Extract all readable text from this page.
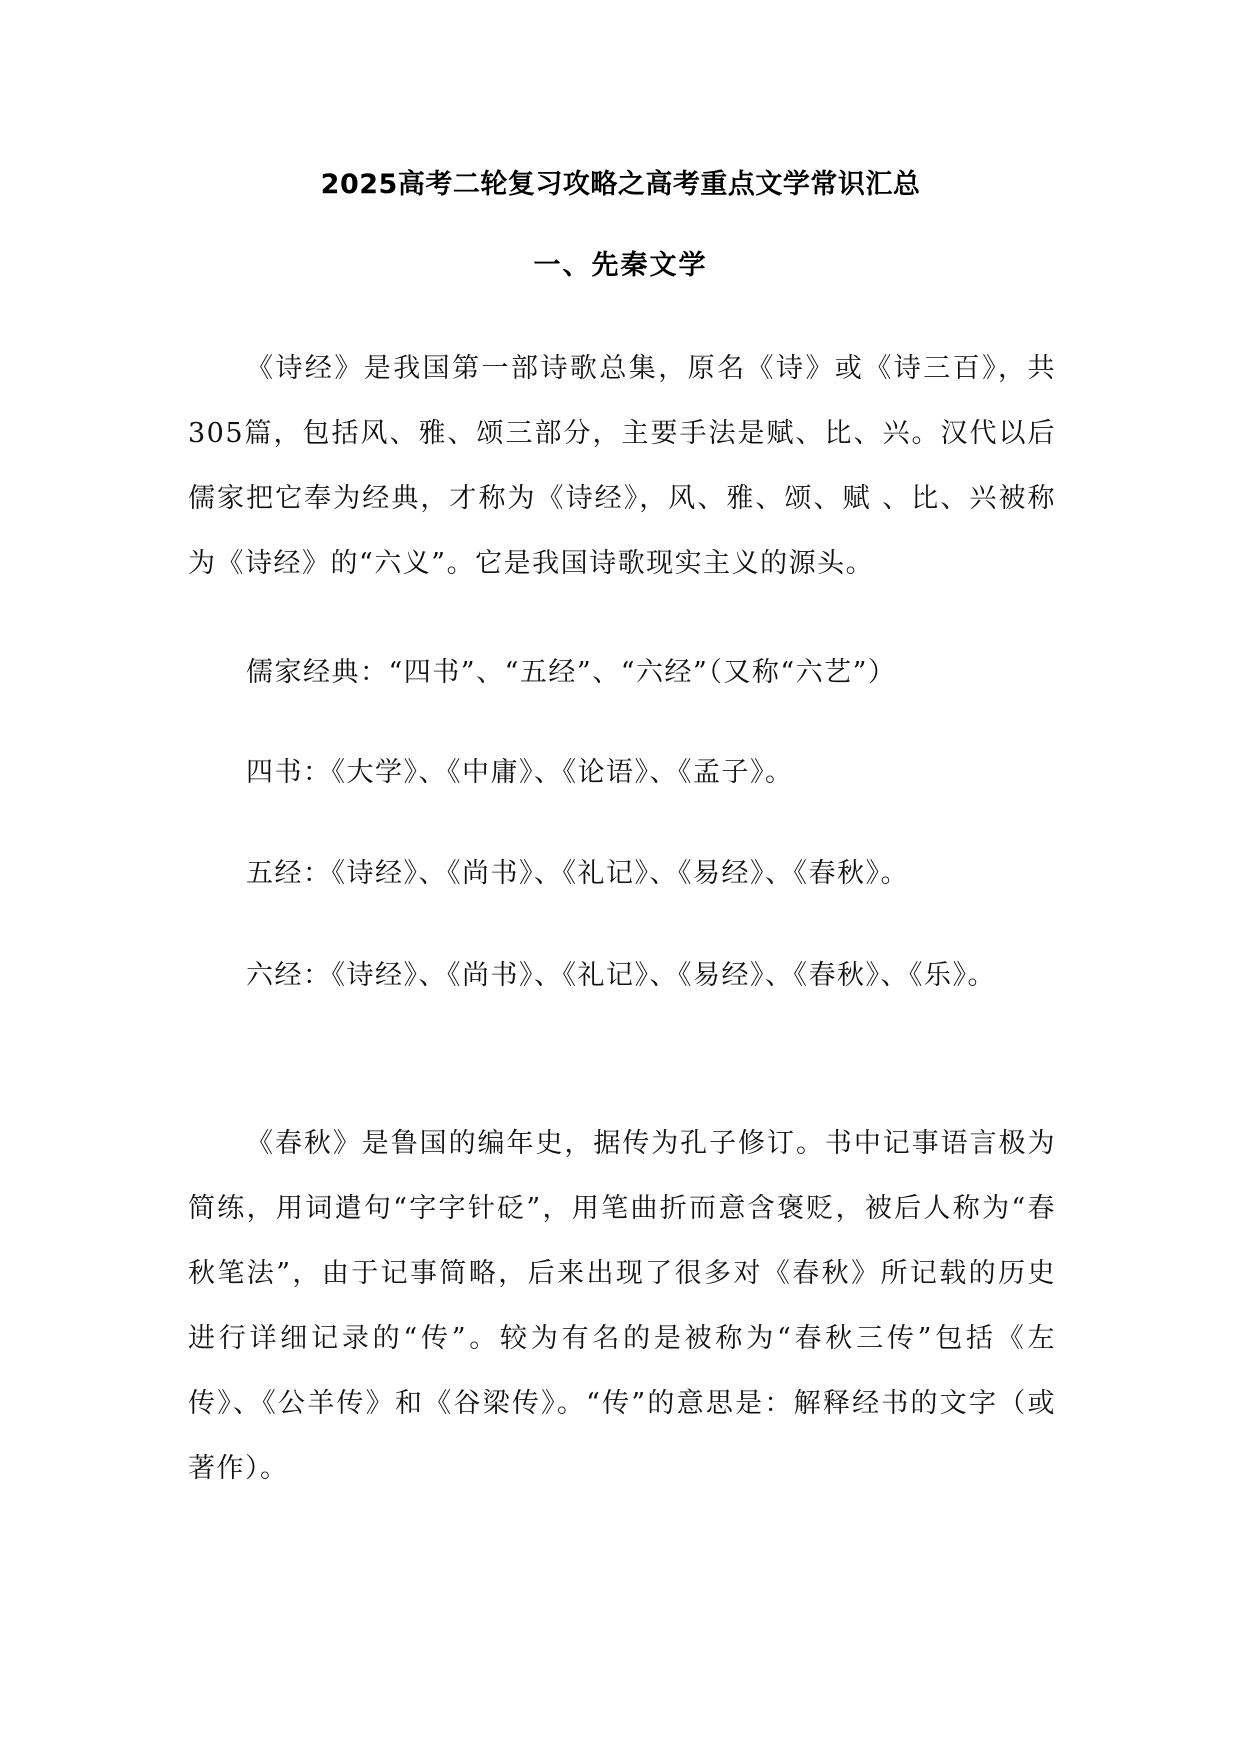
2025高考二轮复习攻略之高考重点文学常识汇总
一、先秦文学

《诗经》是我国第一部诗歌总集，原名《诗》或《诗三百》，共305篇，包括风、雅、颂三部分，主要手法是赋、比、兴。汉代以后儒家把它奉为经典，才称为《诗经》，风、雅、颂、赋 、比、兴被称为《诗经》的“六义”。它是我国诗歌现实主义的源头。

儒家经典：“四书”、“五经”、“六经”（又称“六艺”）

四书：《大学》、《中庸》、《论语》、《孟子》。

五经：《诗经》、《尚书》、《礼记》、《易经》、《春秋》。

六经：《诗经》、《尚书》、《礼记》、《易经》、《春秋》、《乐》。

《春秋》是鲁国的编年史，据传为孔子修订。书中记事语言极为简练，用词遣句“字字针砭”，用笔曲折而意含褒贬，被后人称为“春秋笔法”，由于记事简略，后来出现了很多对《春秋》所记载的历史进行详细记录的“传”。较为有名的是被称为“春秋三传”包括《左传》、《公羊传》和《谷梁传》。“传”的意思是：解释经书的文字（或著作）。
